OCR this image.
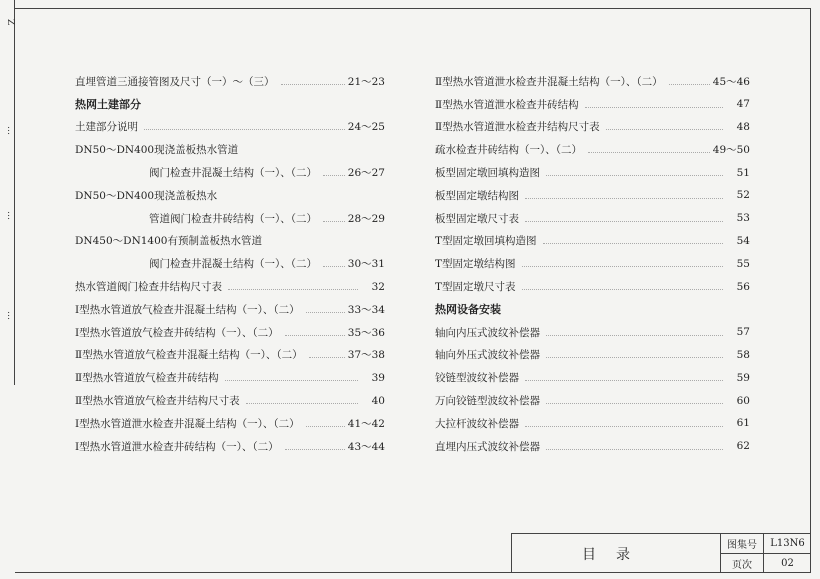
Z
…
…
…
直埋管道三通接管图及尺寸（一）～（三）	21～23
热网土建部分
土建部分说明	24～25
DN50～DN400现浇盖板热水管道
阀门检查井混凝土结构（一）、（二）	26～27
DN50～DN400现浇盖板热水
管道阀门检查井砖结构（一）、（二）	28～29
DN450～DN1400有预制盖板热水管道
阀门检查井混凝土结构（一）、（二）	30～31
热水管道阀门检查井结构尺寸表	32
Ⅰ型热水管道放气检查井混凝土结构（一）、（二）	33～34
Ⅰ型热水管道放气检查井砖结构（一）、（二）	35～36
Ⅱ型热水管道放气检查井混凝土结构（一）、（二）	37～38
Ⅱ型热水管道放气检查井砖结构	39
Ⅱ型热水管道放气检查井结构尺寸表	40
Ⅰ型热水管道泄水检查井混凝土结构（一）、（二）	41～42
Ⅰ型热水管道泄水检查井砖结构（一）、（二）	43～44
Ⅱ型热水管道泄水检查井混凝土结构（一）、（二）	45～46
Ⅱ型热水管道泄水检查井砖结构	47
Ⅱ型热水管道泄水检查井结构尺寸表	48
疏水检查井砖结构（一）、（二）	49～50
板型固定墩回填构造图	51
板型固定墩结构图	52
板型固定墩尺寸表	53
T型固定墩回填构造图	54
T型固定墩结构图	55
T型固定墩尺寸表	56
热网设备安装
轴向内压式波纹补偿器	57
轴向外压式波纹补偿器	58
铰链型波纹补偿器	59
万向铰链型波纹补偿器	60
大拉杆波纹补偿器	61
直埋内压式波纹补偿器	62
目录
图集号	L13N6
页次	02
